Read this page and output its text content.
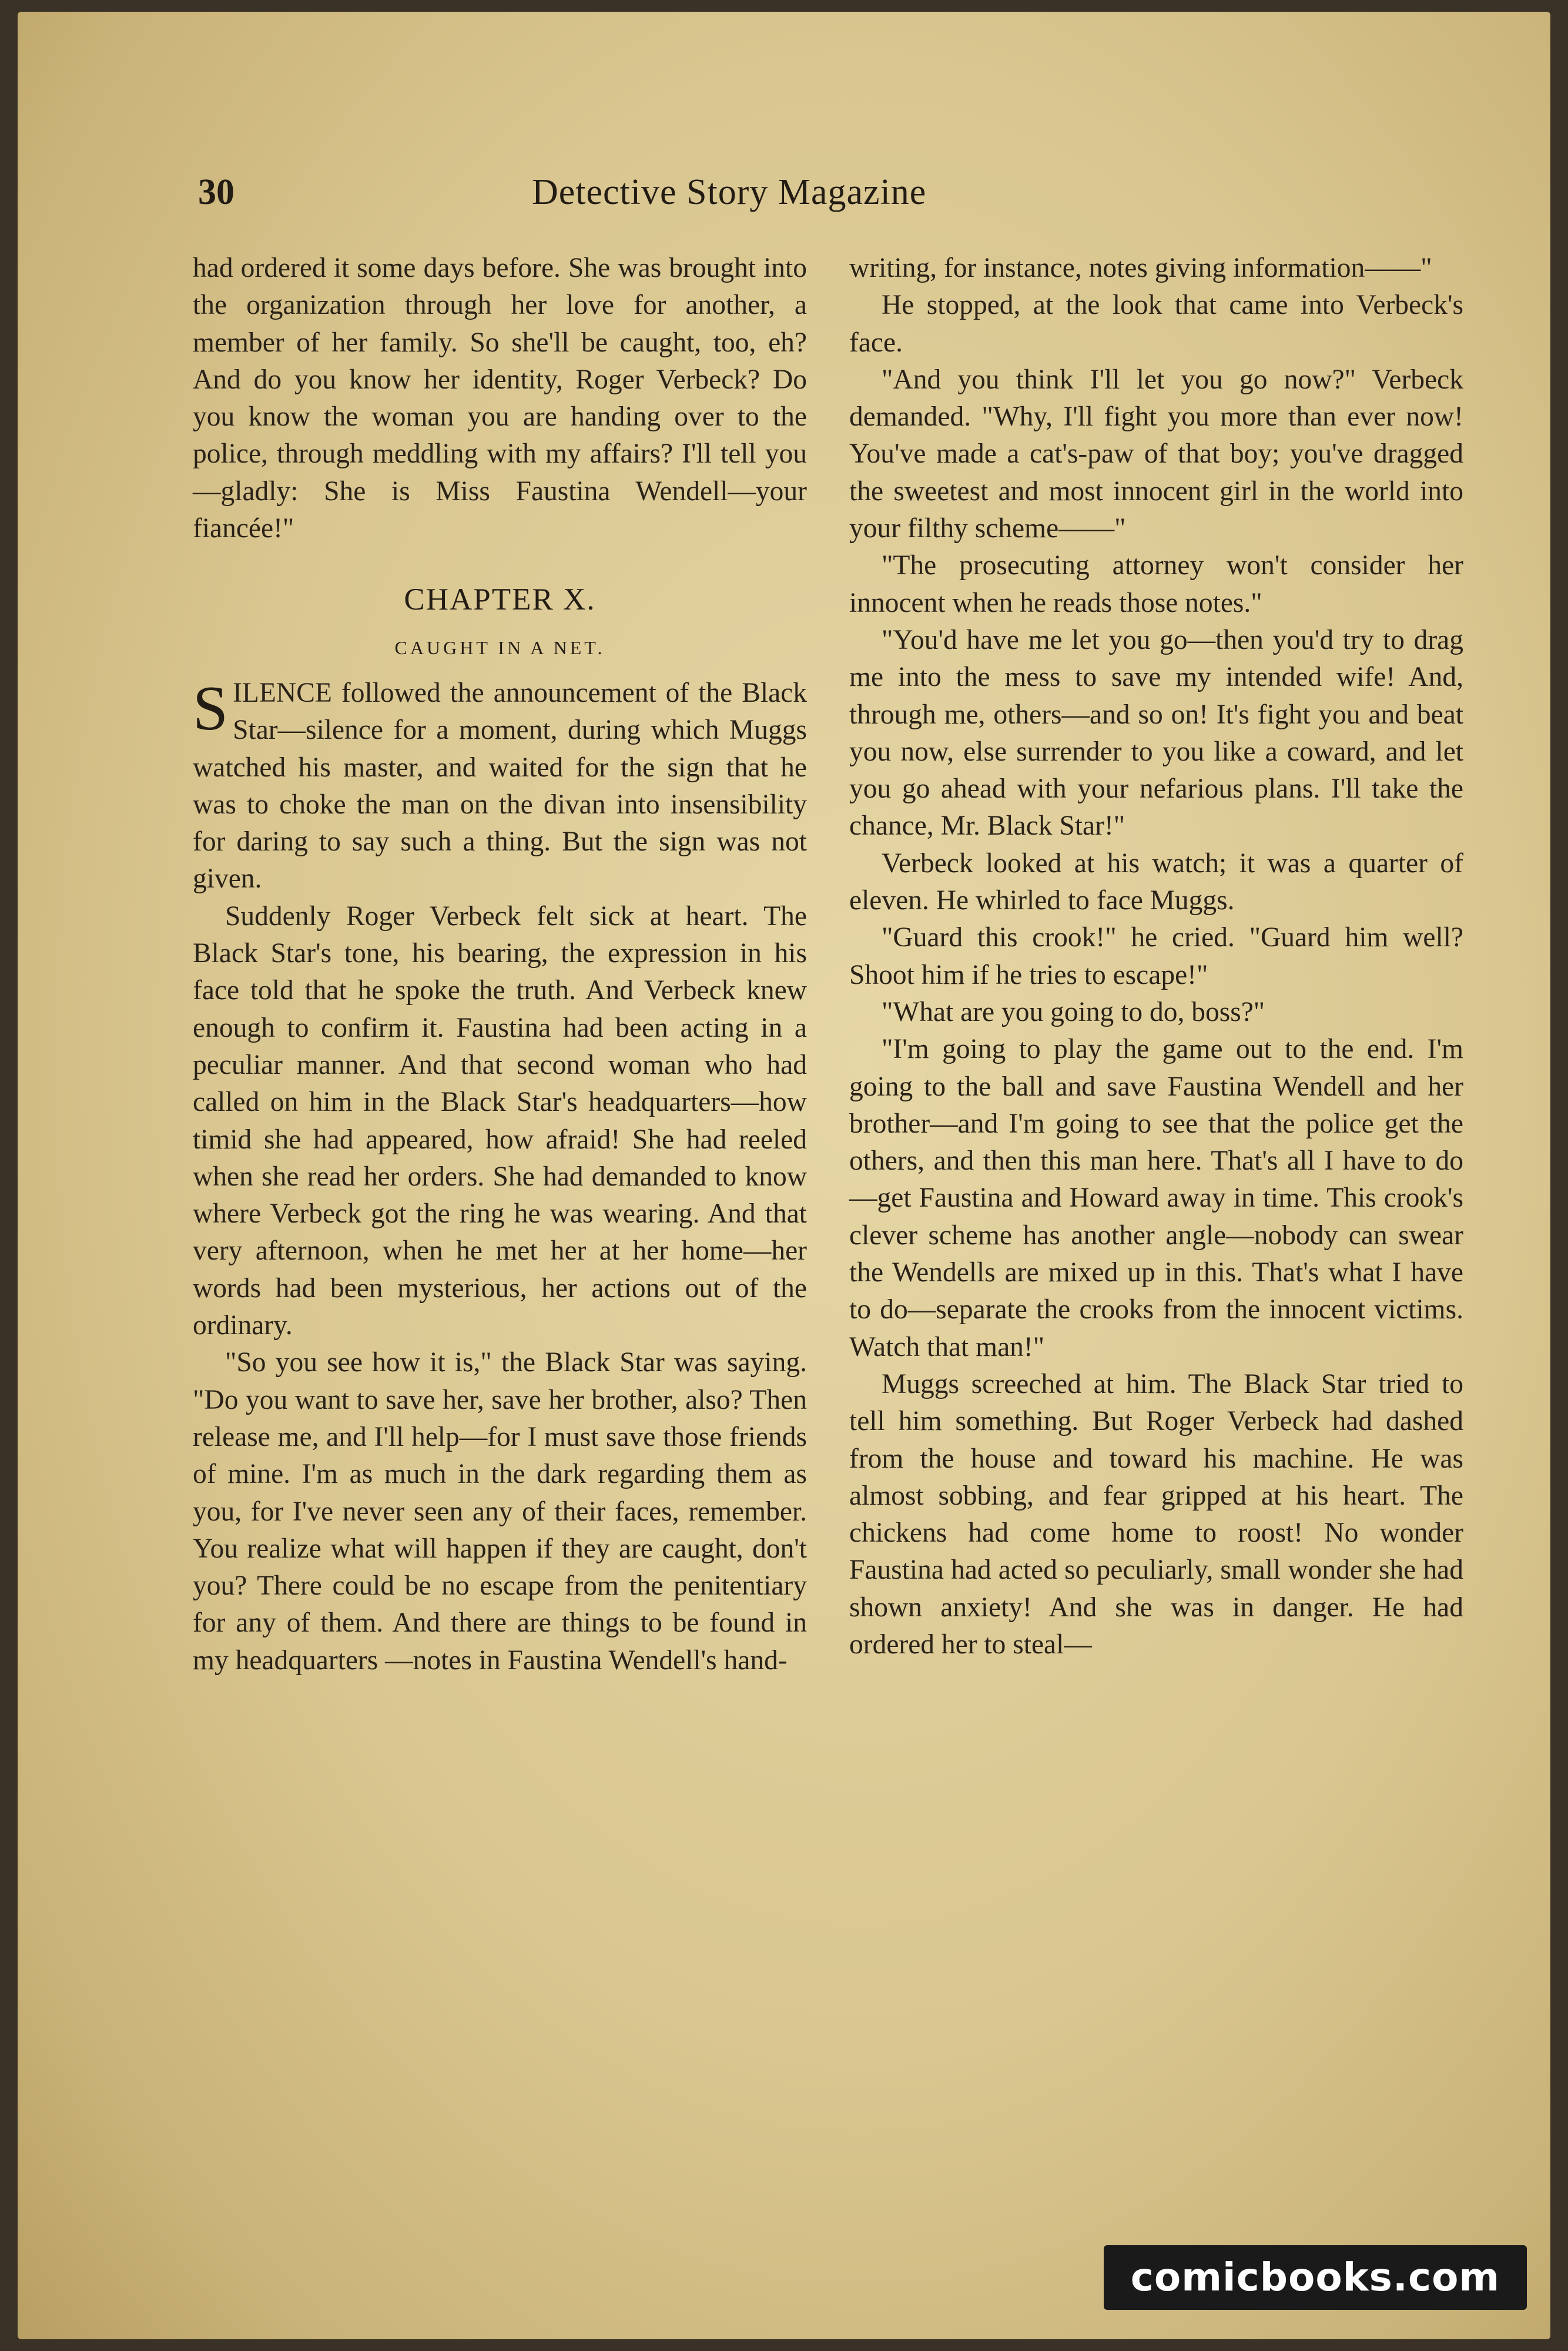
30	Detective Story Magazine

had ordered it some days before. She was brought into the organization through her love for another, a member of her family. So she'll be caught, too, eh? And do you know her identity, Roger Verbeck? Do you know the woman you are handing over to the police, through meddling with my affairs? I'll tell you—gladly: She is Miss Faustina Wendell—your fiancée!"

CHAPTER X.
CAUGHT IN A NET.

SILENCE followed the announcement of the Black Star—silence for a moment, during which Muggs watched his master, and waited for the sign that he was to choke the man on the divan into insensibility for daring to say such a thing. But the sign was not given.

Suddenly Roger Verbeck felt sick at heart. The Black Star's tone, his bearing, the expression in his face told that he spoke the truth. And Verbeck knew enough to confirm it. Faustina had been acting in a peculiar manner. And that second woman who had called on him in the Black Star's headquarters—how timid she had appeared, how afraid! She had reeled when she read her orders. She had demanded to know where Verbeck got the ring he was wearing. And that very afternoon, when he met her at her home—her words had been mysterious, her actions out of the ordinary.

"So you see how it is," the Black Star was saying. "Do you want to save her, save her brother, also? Then release me, and I'll help—for I must save those friends of mine. I'm as much in the dark regarding them as you, for I've never seen any of their faces, remember. You realize what will happen if they are caught, don't you? There could be no escape from the penitentiary for any of them. And there are things to be found in my headquarters —notes in Faustina Wendell's hand-

writing, for instance, notes giving information——"

He stopped, at the look that came into Verbeck's face.

"And you think I'll let you go now?" Verbeck demanded. "Why, I'll fight you more than ever now! You've made a cat's-paw of that boy; you've dragged the sweetest and most innocent girl in the world into your filthy scheme——"

"The prosecuting attorney won't consider her innocent when he reads those notes."

"You'd have me let you go—then you'd try to drag me into the mess to save my intended wife! And, through me, others—and so on! It's fight you and beat you now, else surrender to you like a coward, and let you go ahead with your nefarious plans. I'll take the chance, Mr. Black Star!"

Verbeck looked at his watch; it was a quarter of eleven. He whirled to face Muggs.

"Guard this crook!" he cried. "Guard him well? Shoot him if he tries to escape!"

"What are you going to do, boss?"

"I'm going to play the game out to the end. I'm going to the ball and save Faustina Wendell and her brother—and I'm going to see that the police get the others, and then this man here. That's all I have to do—get Faustina and Howard away in time. This crook's clever scheme has another angle—nobody can swear the Wendells are mixed up in this. That's what I have to do—separate the crooks from the innocent victims. Watch that man!"

Muggs screeched at him. The Black Star tried to tell him something. But Roger Verbeck had dashed from the house and toward his machine. He was almost sobbing, and fear gripped at his heart. The chickens had come home to roost! No wonder Faustina had acted so peculiarly, small wonder she had shown anxiety! And she was in danger. He had ordered her to steal—

comicbooks.com
